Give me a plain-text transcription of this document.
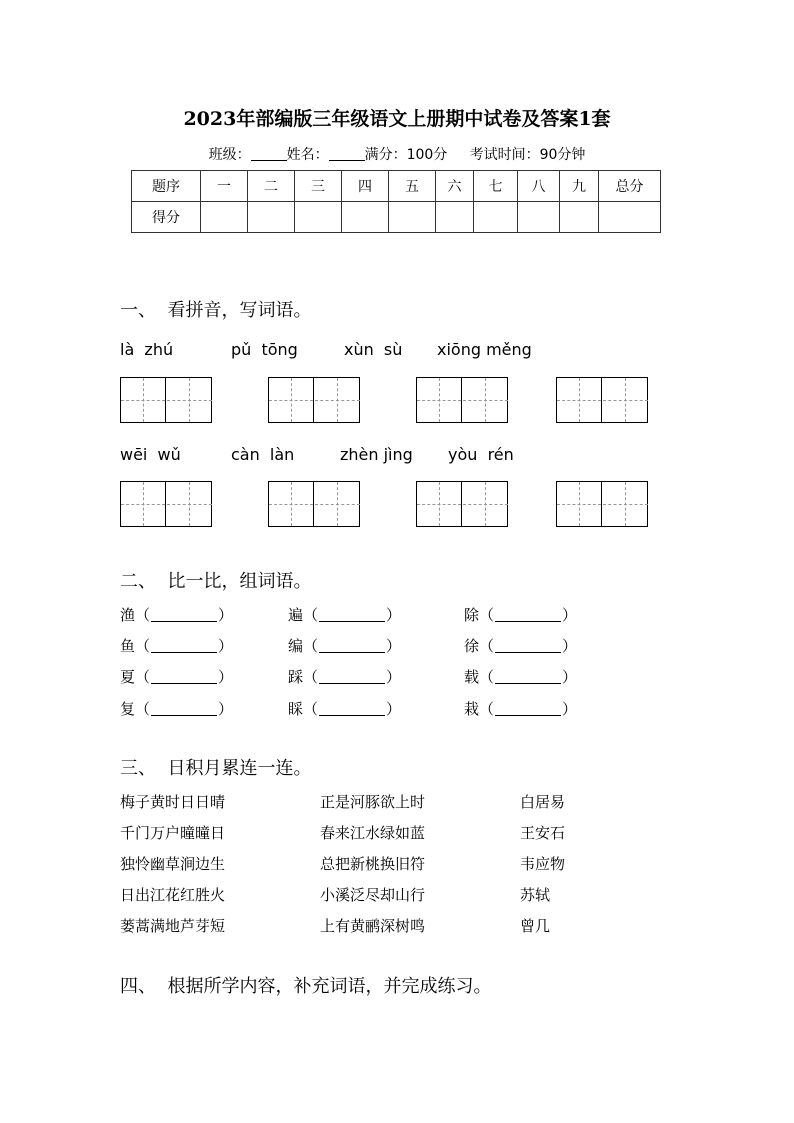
2023年部编版三年级语文上册期中试卷及答案1套
班级：	姓名：	满分：100分 考试时间：90分钟
题序	一	二	三	四	五	六	七	八	九	总分
得分										
一、  看拼音，写词语。
là  zhú	pǔ  tōng	xùn  sù xiōng měng
wēi  wǔ	càn  làn	zhèn jìng yòu  rén
二、  比一比，组词语。
渔（	）	遍（	）	除（	）
鱼（	）	编（	）	徐（	）
夏（	）	踩（	）	载（	）
复（	）	睬（	）	栽（	）
三、  日积月累连一连。
梅子黄时日日晴	正是河豚欲上时	白居易
千门万户曈曈日	春来江水绿如蓝	王安石
独怜幽草涧边生	总把新桃换旧符	韦应物
日出江花红胜火	小溪泛尽却山行	苏轼
蒌蒿满地芦芽短	上有黄鹂深树鸣	曾几
四、  根据所学内容，补充词语，并完成练习。
